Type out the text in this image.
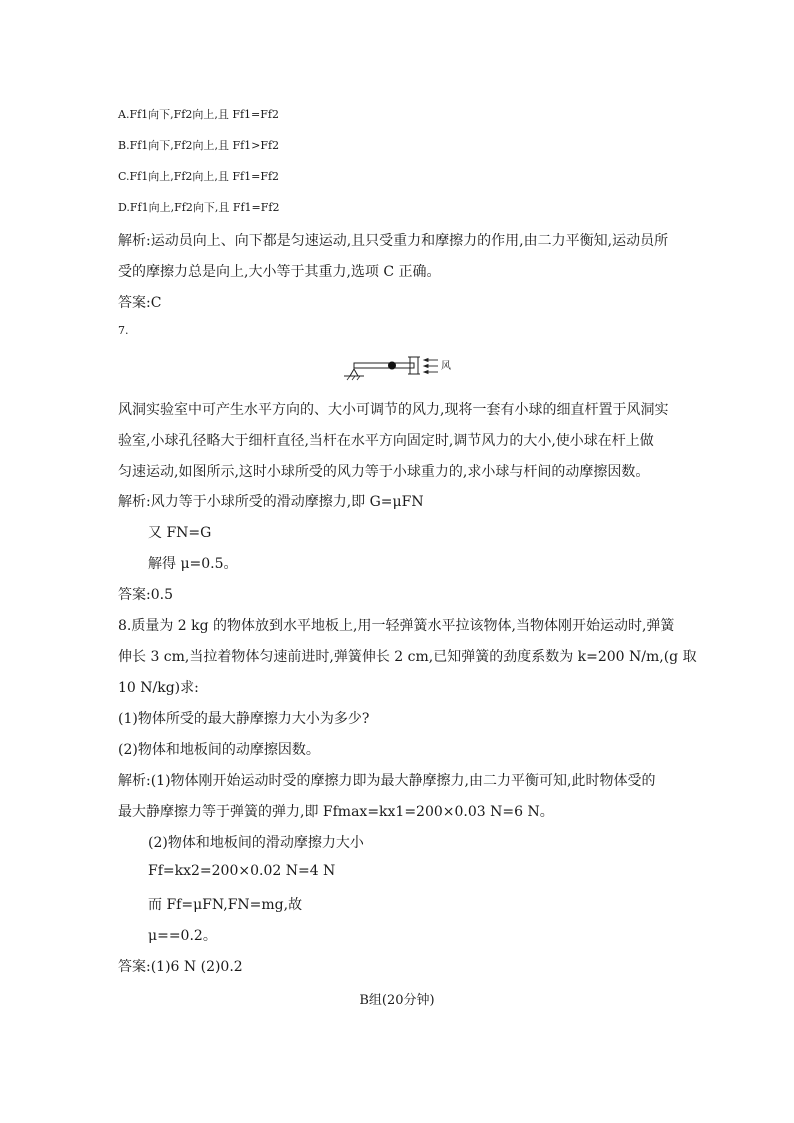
A.Ff1向下,Ff2向上,且 Ff1=Ff2
B.Ff1向下,Ff2向上,且 Ff1>Ff2
C.Ff1向上,Ff2向上,且 Ff1=Ff2
D.Ff1向上,Ff2向下,且 Ff1=Ff2
解析:运动员向上、向下都是匀速运动,且只受重力和摩擦力的作用,由二力平衡知,运动员所
受的摩擦力总是向上,大小等于其重力,选项 C 正确。
答案:C
7.
风
风洞实验室中可产生水平方向的、大小可调节的风力,现将一套有小球的细直杆置于风洞实
验室,小球孔径略大于细杆直径,当杆在水平方向固定时,调节风力的大小,使小球在杆上做
匀速运动,如图所示,这时小球所受的风力等于小球重力的,求小球与杆间的动摩擦因数。
解析:风力等于小球所受的滑动摩擦力,即 G=μFN
又 FN=G
解得 μ=0.5。
答案:0.5
8.质量为 2 kg 的物体放到水平地板上,用一轻弹簧水平拉该物体,当物体刚开始运动时,弹簧
伸长 3 cm,当拉着物体匀速前进时,弹簧伸长 2 cm,已知弹簧的劲度系数为 k=200 N/m,(g 取
10 N/kg)求:
(1)物体所受的最大静摩擦力大小为多少?
(2)物体和地板间的动摩擦因数。
解析:(1)物体刚开始运动时受的摩擦力即为最大静摩擦力,由二力平衡可知,此时物体受的
最大静摩擦力等于弹簧的弹力,即 Ffmax=kx1=200×0.03 N=6 N。
(2)物体和地板间的滑动摩擦力大小
Ff=kx2=200×0.02 N=4 N
而 Ff=μFN,FN=mg,故
μ==0.2。
答案:(1)6 N (2)0.2
B组(20分钟)
